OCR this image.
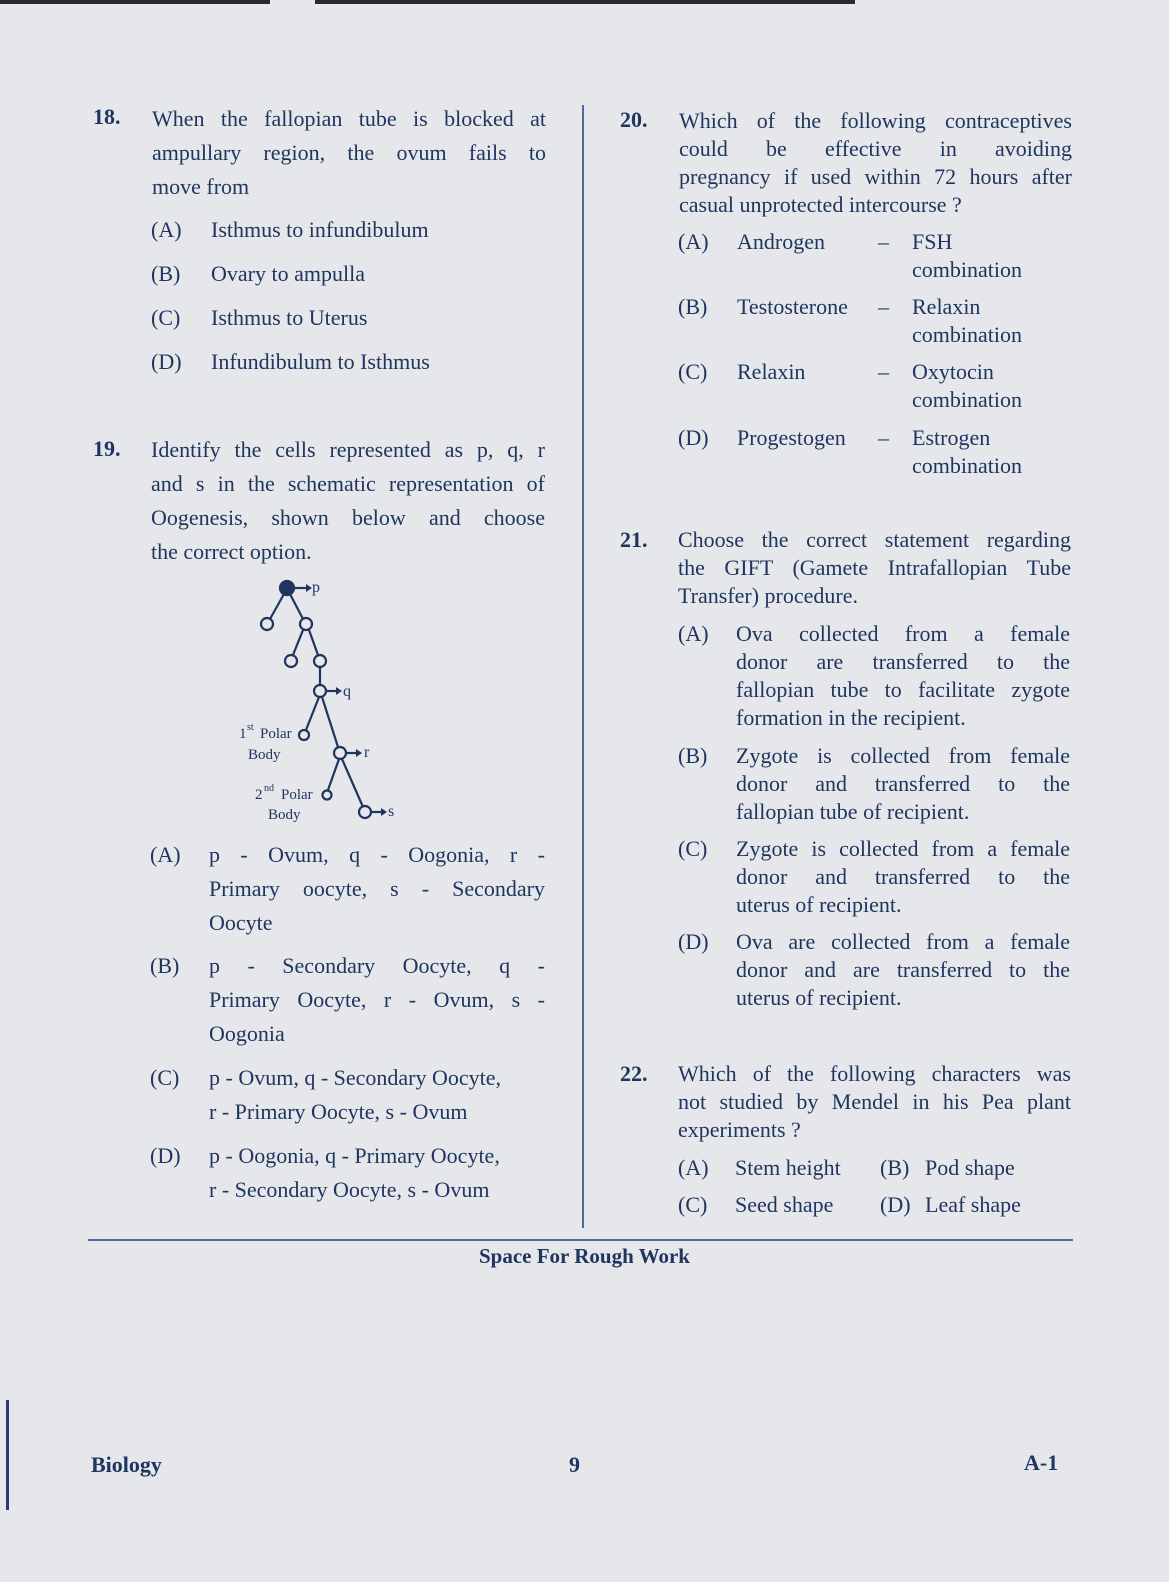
18. When the fallopian tube is blocked at
ampullary region, the ovum fails to
move from
(A) Isthmus to infundibulum
(B) Ovary to ampulla
(C) Isthmus to Uterus
(D) Infundibulum to Isthmus
19. Identify the cells represented as p, q, r
and s in the schematic representation of
Oogenesis, shown below and choose
the correct option.
p
q
r
s
1 st Polar
Body
2 nd Polar
Body
(A) p - Ovum, q - Oogonia, r -
Primary oocyte, s - Secondary
Oocyte
(B) p - Secondary Oocyte, q -
Primary Oocyte, r - Ovum, s -
Oogonia
(C) p - Ovum, q - Secondary Oocyte,
r - Primary Oocyte, s - Ovum
(D) p - Oogonia, q - Primary Oocyte,
r - Secondary Oocyte, s - Ovum
20. Which of the following contraceptives
could be effective in avoiding
pregnancy if used within 72 hours after
casual unprotected intercourse ?
(A) Androgen – FSH
combination
(B) Testosterone – Relaxin
combination
(C) Relaxin	– Oxytocin
combination
(D) Progestogen – Estrogen
combination
21. Choose the correct statement regarding
the GIFT (Gamete Intrafallopian Tube
Transfer) procedure.
(A) Ova collected from a female
donor are transferred to the
fallopian tube to facilitate zygote
formation in the recipient.
(B) Zygote is collected from female
donor and transferred to the
fallopian tube of recipient.
(C) Zygote is collected from a female
donor and transferred to the
uterus of recipient.
(D) Ova are collected from a female
donor and are transferred to the
uterus of recipient.
22. Which of the following characters was
not studied by Mendel in his Pea plant
experiments ?
(A) Stem height (B) Pod shape
(C) Seed shape (D) Leaf shape
Space For Rough Work
Biology	9	A-1
